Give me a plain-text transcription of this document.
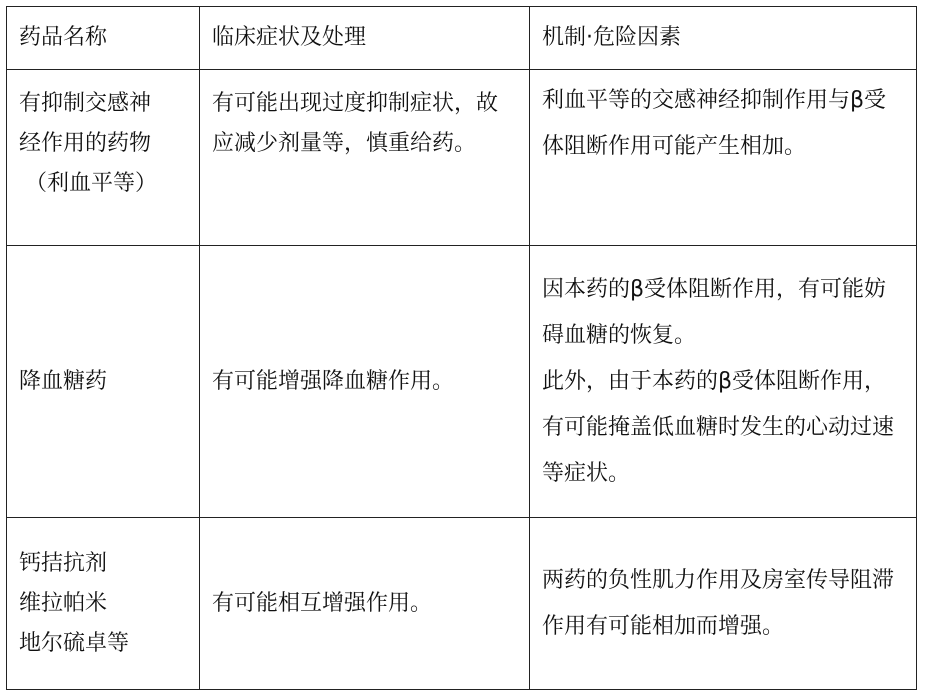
药品名称	临床症状及处理	机制·危险因素

有抑制交感神
经作用的药物
（利血平等）	有可能出现过度抑制症状，故应减少剂量等，慎重给药。	利血平等的交感神经抑制作用与β受体阻断作用可能产生相加。

降血糖药	有可能增强降血糖作用。	因本药的β受体阻断作用，有可能妨碍血糖的恢复。
此外，由于本药的β受体阻断作用，有可能掩盖低血糖时发生的心动过速等症状。

钙拮抗剂
维拉帕米
地尔硫卓等	有可能相互增强作用。	两药的负性肌力作用及房室传导阻滞作用有可能相加而增强。
